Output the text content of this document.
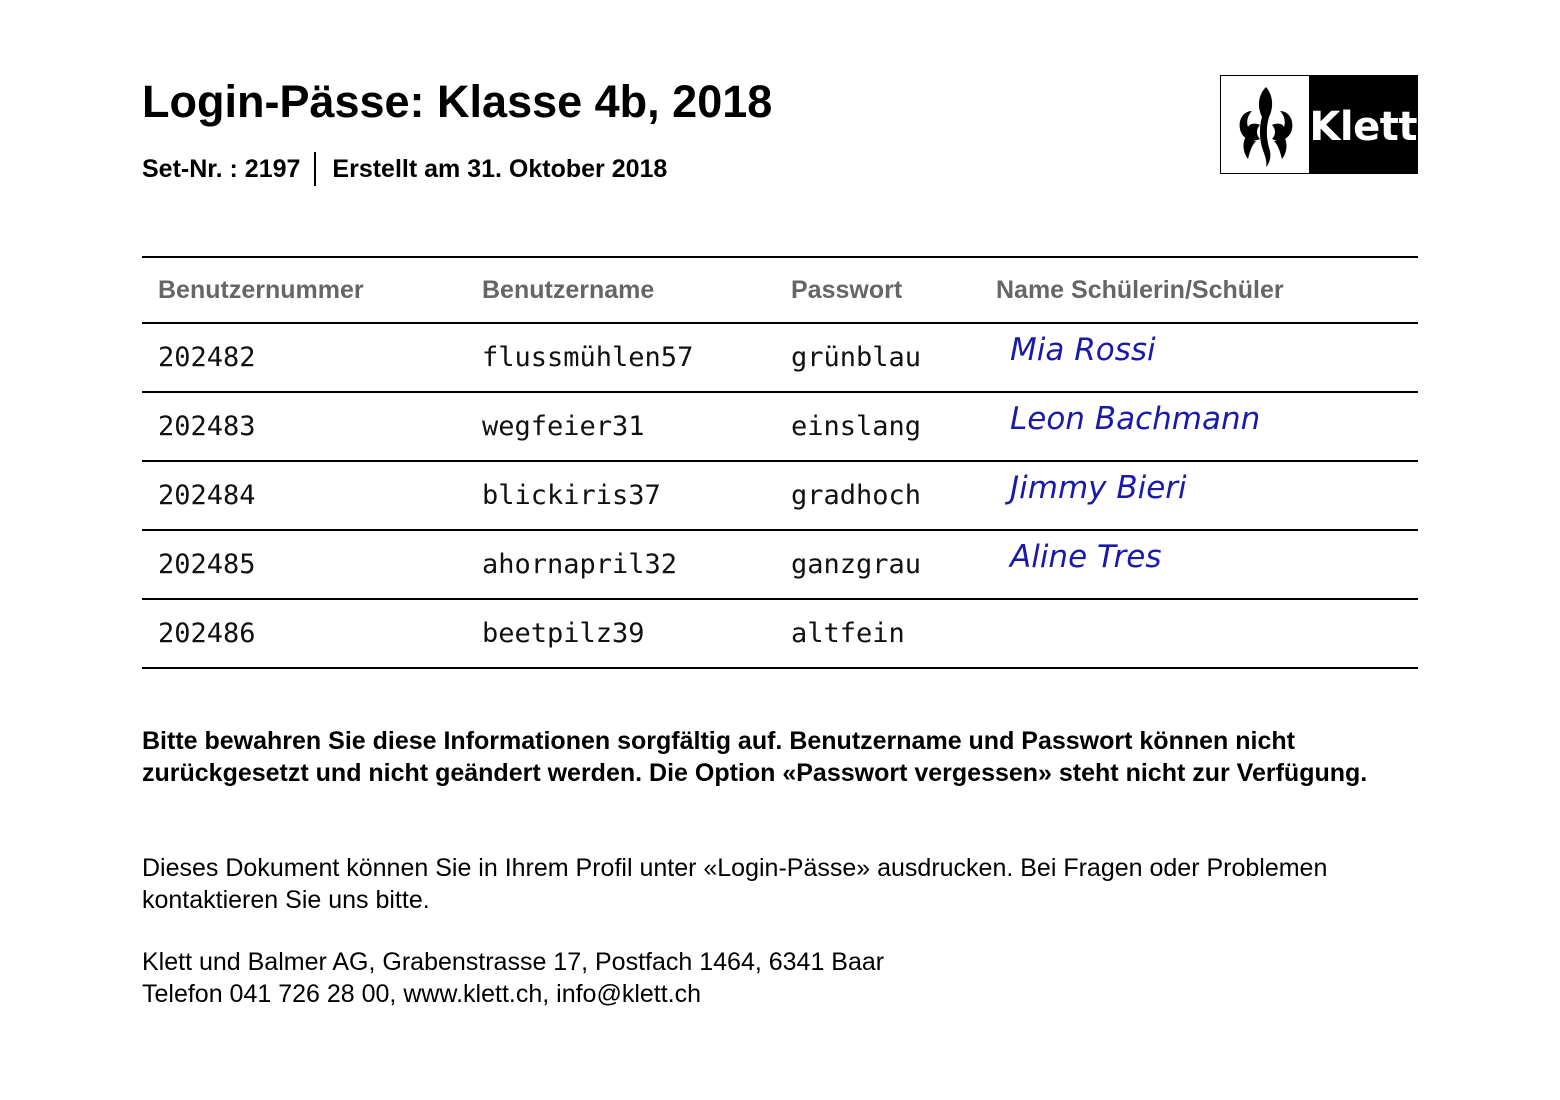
Login-Pässe: Klasse 4b, 2018
Set-Nr. : 2197 Erstellt am 31. Oktober 2018
Klett
Benutzernummer	Benutzername	Passwort	Name Schülerin/Schüler
202482	flussmühlen57	grünblau	Mia Rossi
202483	wegfeier31	einslang	Leon Bachmann
202484	blickiris37	gradhoch	Jimmy Bieri
202485	ahornapril32	ganzgrau	Aline Tres
202486	beetpilz39	altfein
Bitte bewahren Sie diese Informationen sorgfältig auf. Benutzername und Passwort können nicht zurückgesetzt und nicht geändert werden. Die Option «Passwort vergessen» steht nicht zur Verfügung.
Dieses Dokument können Sie in Ihrem Profil unter «Login-Pässe» ausdrucken. Bei Fragen oder Problemen kontaktieren Sie uns bitte.
Klett und Balmer AG, Grabenstrasse 17, Postfach 1464, 6341 Baar
Telefon 041 726 28 00, www.klett.ch, info@klett.ch
